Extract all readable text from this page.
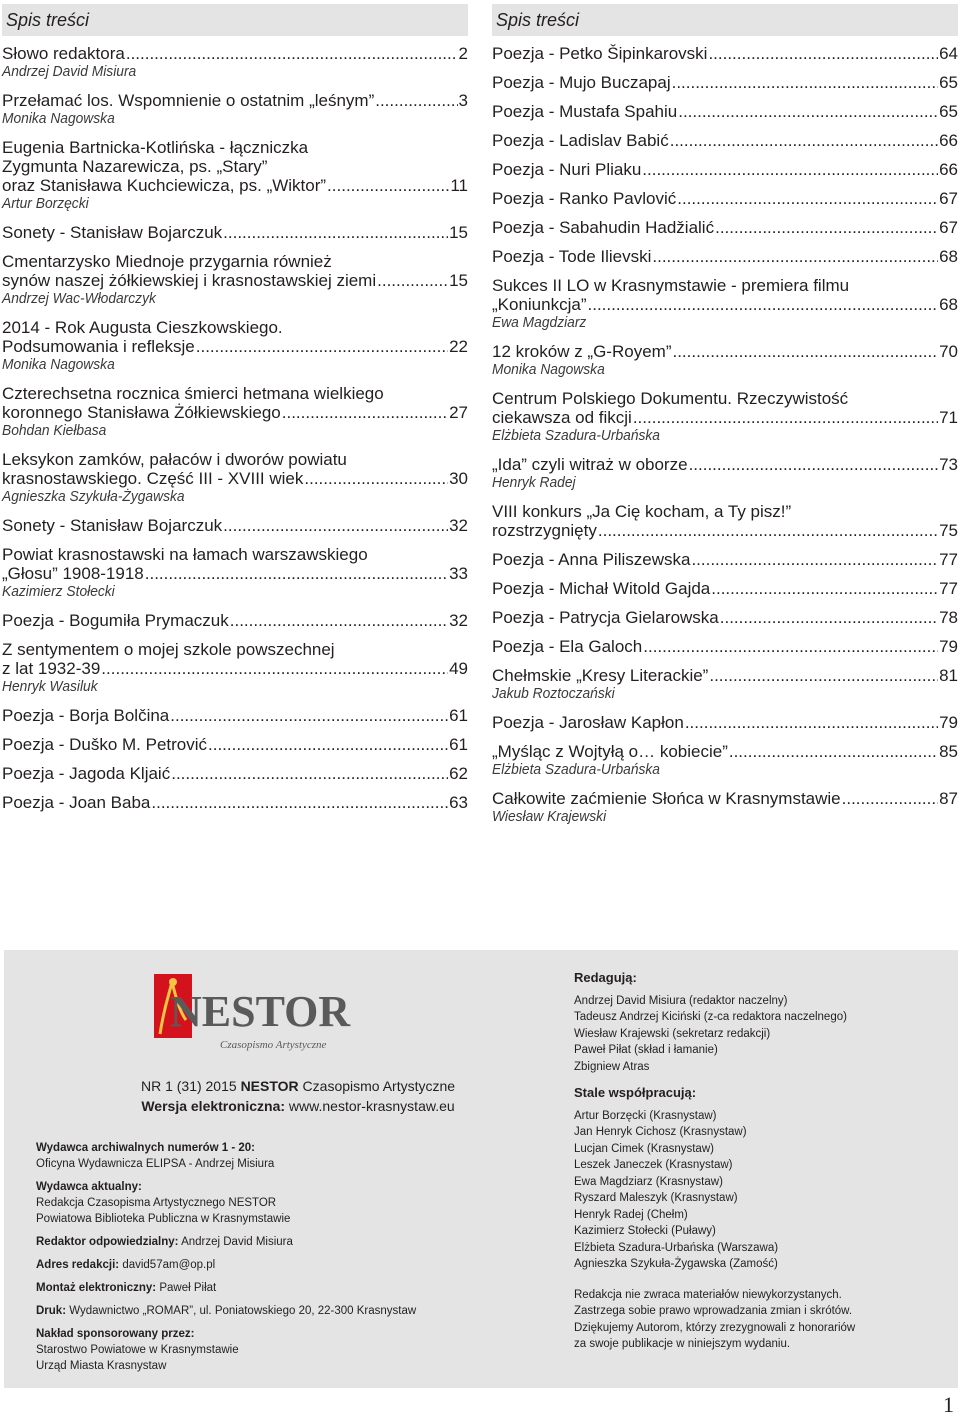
Spis treści
Słowo redaktora .....	2
Andrzej David Misiura
Przełamać los. Wspomnienie o ostatnim „leśnym” .....	3
Monika Nagowska
Eugenia Bartnicka-Kotlińska - łączniczka
Zygmunta Nazarewicza, ps. „Stary”
oraz Stanisława Kuchciewicza, ps. „Wiktor” .....	11
Artur Borzęcki
Sonety - Stanisław Bojarczuk .....	15
Cmentarzysko Miednoje przygarnia również
synów naszej żółkiewskiej i krasnostawskiej ziemi .....	15
Andrzej Wac-Włodarczyk
2014 - Rok Augusta Cieszkowskiego.
Podsumowania i refleksje .....	22
Monika Nagowska
Czterechsetna rocznica śmierci hetmana wielkiego
koronnego Stanisława Żółkiewskiego .....	27
Bohdan Kiełbasa
Leksykon zamków, pałaców i dworów powiatu
krasnostawskiego. Część III - XVIII wiek .....	30
Agnieszka Szykuła-Żygawska
Sonety - Stanisław Bojarczuk .....	32
Powiat krasnostawski na łamach warszawskiego
„Głosu” 1908-1918 .....	33
Kazimierz Stołecki
Poezja - Bogumiła Prymaczuk .....	32
Z sentymentem o mojej szkole powszechnej
z lat 1932-39 .....	49
Henryk Wasiluk
Poezja - Borja Bolčina .....	61
Poezja - Duško M. Petrović .....	61
Poezja - Jagoda Kljaić .....	62
Poezja - Joan Baba .....	63
Spis treści
Poezja - Petko Šipinkarovski .....	64
Poezja - Mujo Buczapaj .....	65
Poezja - Mustafa Spahiu .....	65
Poezja - Ladislav Babić .....	66
Poezja - Nuri Pliaku .....	66
Poezja - Ranko Pavlović .....	67
Poezja - Sabahudin Hadžialić .....	67
Poezja - Tode Ilievski .....	68
Sukces II LO w Krasnymstawie - premiera filmu
„Koniunkcja” .....	68
Ewa Magdziarz
12 kroków z „G-Royem” .....	70
Monika Nagowska
Centrum Polskiego Dokumentu. Rzeczywistość
ciekawsza od fikcji .....	71
Elżbieta Szadura-Urbańska
„Ida” czyli witraż w oborze .....	73
Henryk Radej
VIII konkurs „Ja Cię kocham, a Ty pisz!”
rozstrzygnięty .....	75
Poezja - Anna Piliszewska .....	77
Poezja - Michał Witold Gajda .....	77
Poezja - Patrycja Gielarowska .....	78
Poezja - Ela Galoch .....	79
Chełmskie „Kresy Literackie” .....	81
Jakub Roztoczański
Poezja - Jarosław Kapłon .....	79
„Myśląc z Wojtyłą o… kobiecie” .....	85
Elżbieta Szadura-Urbańska
Całkowite zaćmienie Słońca w Krasnymstawie .....	87
Wiesław Krajewski
NESTOR
Czasopismo Artystyczne
NR 1 (31) 2015 NESTOR Czasopismo Artystyczne
Wersja elektroniczna: www.nestor-krasnystaw.eu
Wydawca archiwalnych numerów 1 - 20:
Oficyna Wydawnicza ELIPSA - Andrzej Misiura
Wydawca aktualny:
Redakcja Czasopisma Artystycznego NESTOR
Powiatowa Biblioteka Publiczna w Krasnymstawie
Redaktor odpowiedzialny: Andrzej David Misiura
Adres redakcji: david57am@op.pl
Montaż elektroniczny: Paweł Piłat
Druk: Wydawnictwo „ROMAR”, ul. Poniatowskiego 20, 22-300 Krasnystaw
Nakład sponsorowany przez:
Starostwo Powiatowe w Krasnymstawie
Urząd Miasta Krasnystaw
Redagują:
Andrzej David Misiura (redaktor naczelny)
Tadeusz Andrzej Kiciński (z-ca redaktora naczelnego)
Wiesław Krajewski (sekretarz redakcji)
Paweł Piłat (skład i łamanie)
Zbigniew Atras
Stale współpracują:
Artur Borzęcki (Krasnystaw)
Jan Henryk Cichosz (Krasnystaw)
Lucjan Cimek (Krasnystaw)
Leszek Janeczek (Krasnystaw)
Ewa Magdziarz (Krasnystaw)
Ryszard Maleszyk (Krasnystaw)
Henryk Radej (Chełm)
Kazimierz Stołecki (Puławy)
Elżbieta Szadura-Urbańska (Warszawa)
Agnieszka Szykuła-Żygawska (Zamość)
Redakcja nie zwraca materiałów niewykorzystanych.
Zastrzega sobie prawo wprowadzania zmian i skrótów.
Dziękujemy Autorom, którzy zrezygnowali z honorariów
za swoje publikacje w niniejszym wydaniu.
1
